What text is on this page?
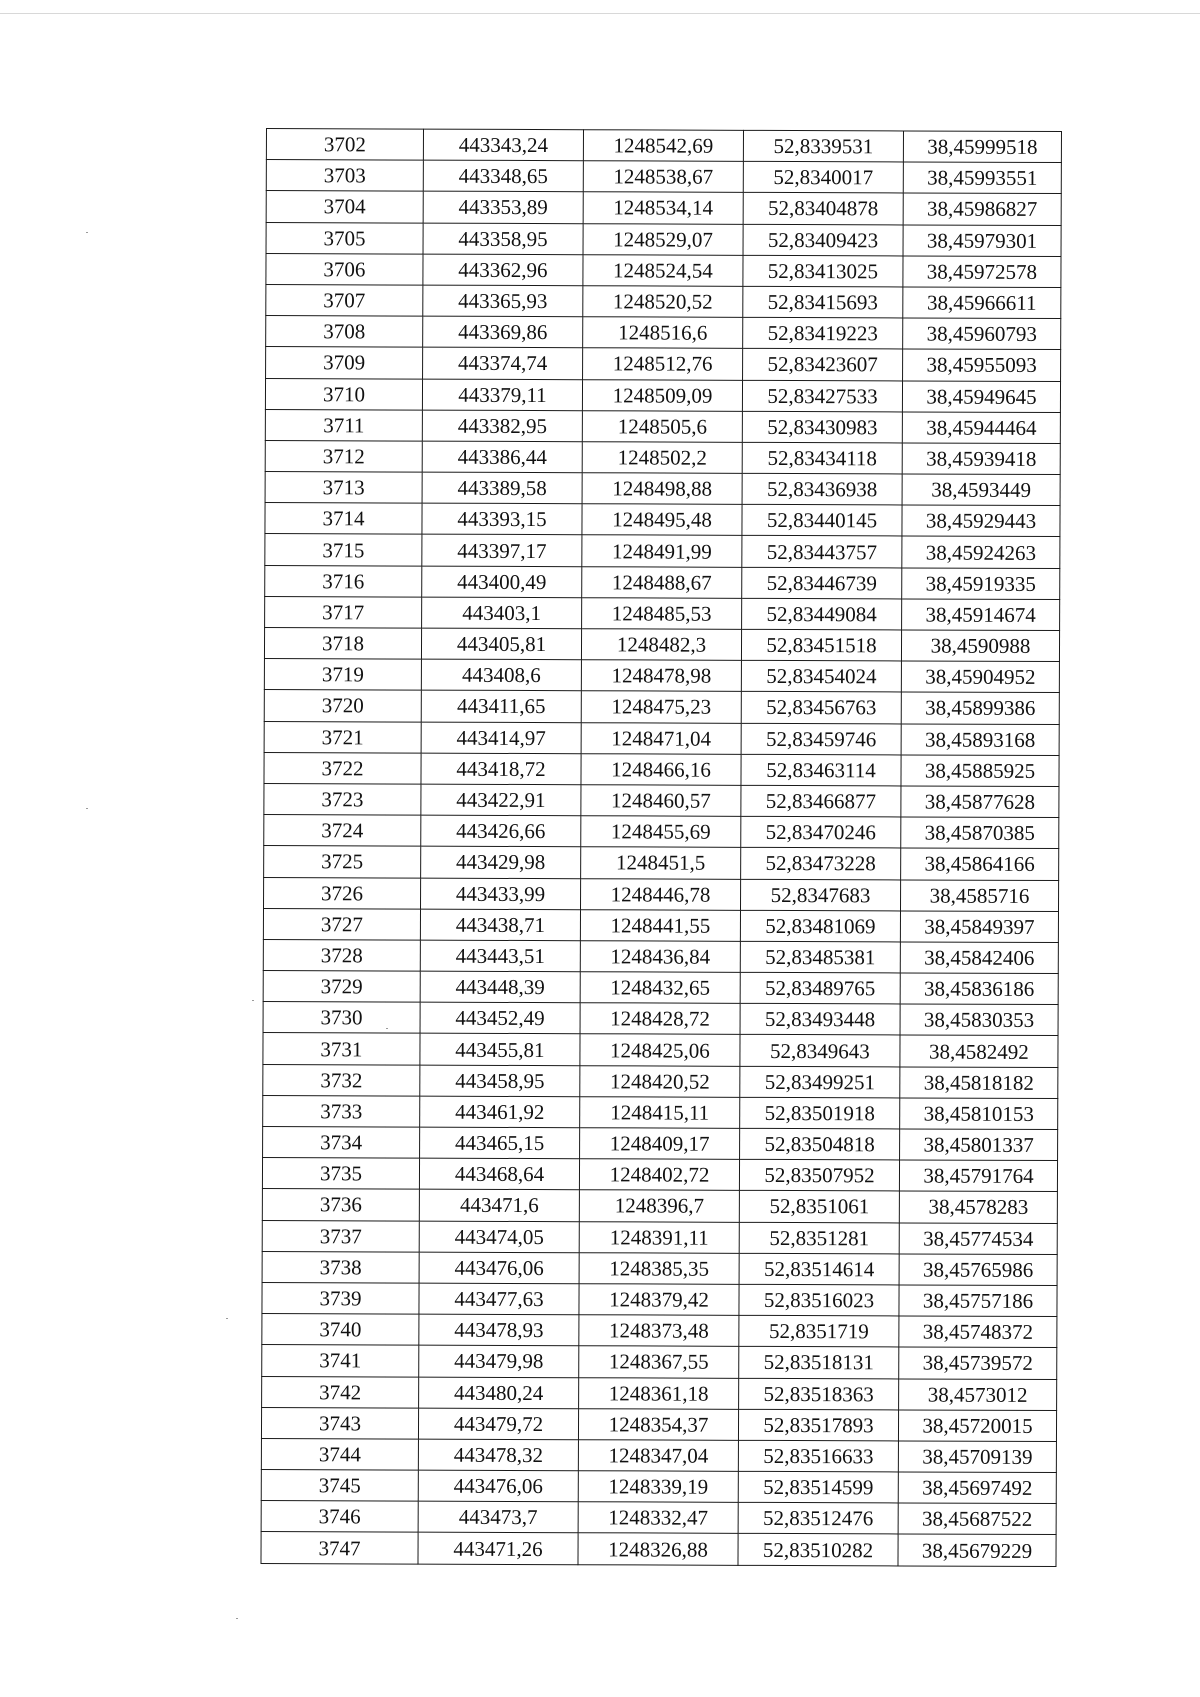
3702	443343,24	1248542,69	52,8339531	38,45999518
3703	443348,65	1248538,67	52,8340017	38,45993551
3704	443353,89	1248534,14	52,83404878	38,45986827
3705	443358,95	1248529,07	52,83409423	38,45979301
3706	443362,96	1248524,54	52,83413025	38,45972578
3707	443365,93	1248520,52	52,83415693	38,45966611
3708	443369,86	1248516,6	52,83419223	38,45960793
3709	443374,74	1248512,76	52,83423607	38,45955093
3710	443379,11	1248509,09	52,83427533	38,45949645
3711	443382,95	1248505,6	52,83430983	38,45944464
3712	443386,44	1248502,2	52,83434118	38,45939418
3713	443389,58	1248498,88	52,83436938	38,4593449
3714	443393,15	1248495,48	52,83440145	38,45929443
3715	443397,17	1248491,99	52,83443757	38,45924263
3716	443400,49	1248488,67	52,83446739	38,45919335
3717	443403,1	1248485,53	52,83449084	38,45914674
3718	443405,81	1248482,3	52,83451518	38,4590988
3719	443408,6	1248478,98	52,83454024	38,45904952
3720	443411,65	1248475,23	52,83456763	38,45899386
3721	443414,97	1248471,04	52,83459746	38,45893168
3722	443418,72	1248466,16	52,83463114	38,45885925
3723	443422,91	1248460,57	52,83466877	38,45877628
3724	443426,66	1248455,69	52,83470246	38,45870385
3725	443429,98	1248451,5	52,83473228	38,45864166
3726	443433,99	1248446,78	52,8347683	38,4585716
3727	443438,71	1248441,55	52,83481069	38,45849397
3728	443443,51	1248436,84	52,83485381	38,45842406
3729	443448,39	1248432,65	52,83489765	38,45836186
3730	443452,49	1248428,72	52,83493448	38,45830353
3731	443455,81	1248425,06	52,8349643	38,4582492
3732	443458,95	1248420,52	52,83499251	38,45818182
3733	443461,92	1248415,11	52,83501918	38,45810153
3734	443465,15	1248409,17	52,83504818	38,45801337
3735	443468,64	1248402,72	52,83507952	38,45791764
3736	443471,6	1248396,7	52,8351061	38,4578283
3737	443474,05	1248391,11	52,8351281	38,45774534
3738	443476,06	1248385,35	52,83514614	38,45765986
3739	443477,63	1248379,42	52,83516023	38,45757186
3740	443478,93	1248373,48	52,8351719	38,45748372
3741	443479,98	1248367,55	52,83518131	38,45739572
3742	443480,24	1248361,18	52,83518363	38,4573012
3743	443479,72	1248354,37	52,83517893	38,45720015
3744	443478,32	1248347,04	52,83516633	38,45709139
3745	443476,06	1248339,19	52,83514599	38,45697492
3746	443473,7	1248332,47	52,83512476	38,45687522
3747	443471,26	1248326,88	52,83510282	38,45679229
